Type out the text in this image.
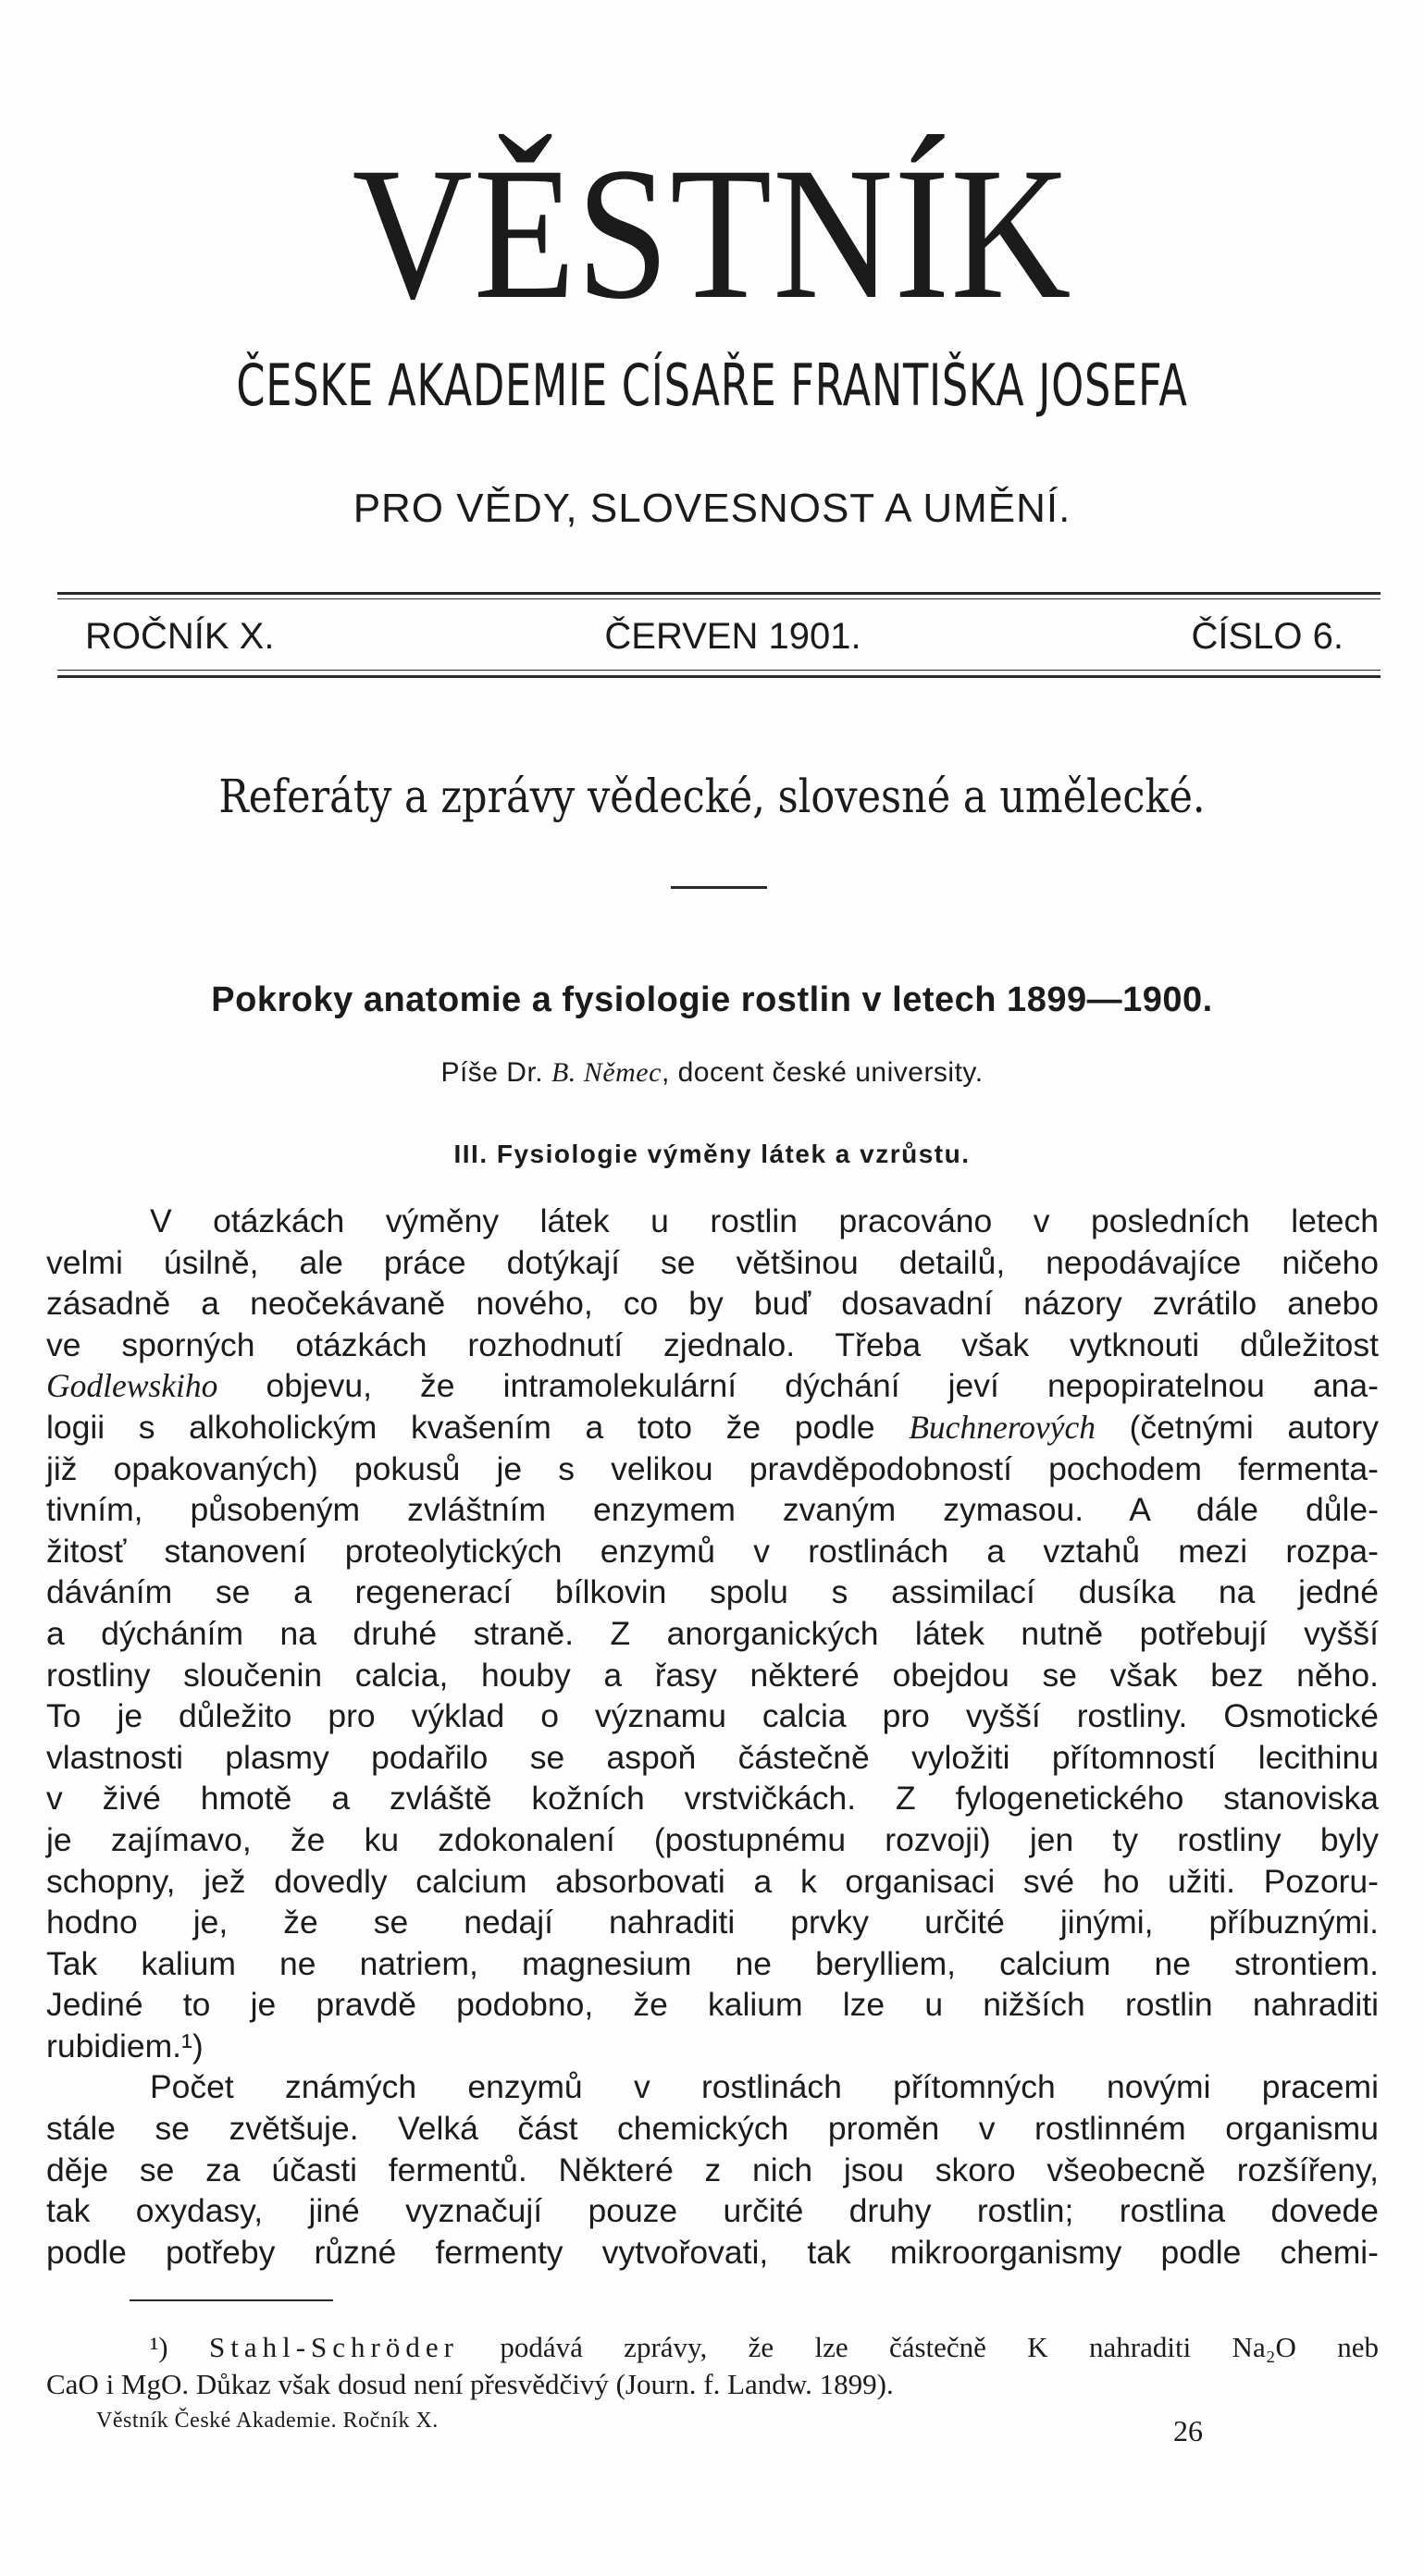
VĚSTNÍK
ČESKE AKADEMIE CÍSAŘE FRANTIŠKA JOSEFA
PRO VĚDY, SLOVESNOST A UMĚNÍ.
ROČNÍK X.	ČERVEN 1901.	ČÍSLO 6.
Referáty a zprávy vědecké, slovesné a umělecké.
Pokroky anatomie a fysiologie rostlin v letech 1899—1900.
Píše Dr. B. Němec, docent české university.
III. Fysiologie výměny látek a vzrůstu.
V otázkách výměny látek u rostlin pracováno v posledních letech
velmi úsilně, ale práce dotýkají se většinou detailů, nepodávajíce ničeho
zásadně a neočekávaně nového, co by buď dosavadní názory zvrátilo anebo
ve sporných otázkách rozhodnutí zjednalo. Třeba však vytknouti důležitost
Godlewskiho objevu, že intramolekulární dýchání jeví nepopiratelnou ana-
logii s alkoholickým kvašením a toto že podle Buchnerových (četnými autory
již opakovaných) pokusů je s velikou pravděpodobností pochodem fermenta-
tivním, působeným zvláštním enzymem zvaným zymasou. A dále důle-
žitosť stanovení proteolytických enzymů v rostlinách a vztahů mezi rozpa-
dáváním se a regenerací bílkovin spolu s assimilací dusíka na jedné
a dýcháním na druhé straně. Z anorganických látek nutně potřebují vyšší
rostliny sloučenin calcia, houby a řasy některé obejdou se však bez něho.
To je důležito pro výklad o významu calcia pro vyšší rostliny. Osmotické
vlastnosti plasmy podařilo se aspoň částečně vyložiti přítomností lecithinu
v živé hmotě a zvláště kožních vrstvičkách. Z fylogenetického stanoviska
je zajímavo, že ku zdokonalení (postupnému rozvoji) jen ty rostliny byly
schopny, jež dovedly calcium absorbovati a k organisaci své ho užiti. Pozoru-
hodno je, že se nedají nahraditi prvky určité jinými, příbuznými.
Tak kalium ne natriem, magnesium ne berylliem, calcium ne strontiem.
Jediné to je pravdě podobno, že kalium lze u nižších rostlin nahraditi
rubidiem.¹)
Počet známých enzymů v rostlinách přítomných novými pracemi
stále se zvětšuje. Velká část chemických proměn v rostlinném organismu
děje se za účasti fermentů. Některé z nich jsou skoro všeobecně rozšířeny,
tak oxydasy, jiné vyznačují pouze určité druhy rostlin; rostlina dovede
podle potřeby různé fermenty vytvořovati, tak mikroorganismy podle chemi-
¹) Stahl-Schröder podává zprávy, že lze částečně K nahraditi Na₂O neb
CaO i MgO. Důkaz však dosud není přesvědčivý (Journ. f. Landw. 1899).
Věstník České Akademie. Ročník X.	26
